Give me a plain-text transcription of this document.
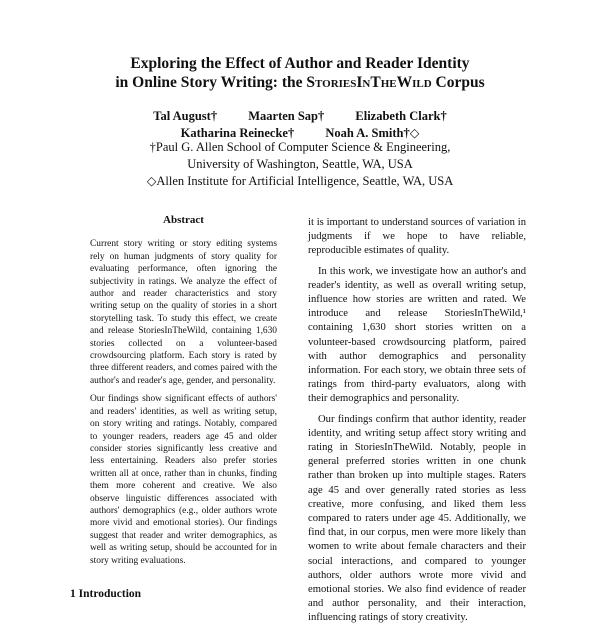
Exploring the Effect of Author and Reader Identity
in Online Story Writing: the StoriesInTheWild Corpus
Tal August† Maarten Sap† Elizabeth Clark†
Katharina Reinecke† Noah A. Smith†◇
†Paul G. Allen School of Computer Science & Engineering,
University of Washington, Seattle, WA, USA
◇Allen Institute for Artificial Intelligence, Seattle, WA, USA
Abstract

Current story writing or story editing systems rely on human judgments of story quality for evaluating performance, often ignoring the subjectivity in ratings. We analyze the effect of author and reader characteristics and story writing setup on the quality of stories in a short storytelling task. To study this effect, we create and release StoriesInTheWild, containing 1,630 stories collected on a volunteer-based crowdsourcing platform. Each story is rated by three different readers, and comes paired with the author's and reader's age, gender, and personality.

Our findings show significant effects of authors' and readers' identities, as well as writing setup, on story writing and ratings. Notably, compared to younger readers, readers age 45 and older consider stories significantly less creative and less entertaining. Readers also prefer stories written all at once, rather than in chunks, finding them more coherent and creative. We also observe linguistic differences associated with authors' demographics (e.g., older authors wrote more vivid and emotional stories). Our findings suggest that reader and writer demographics, as well as writing setup, should be accounted for in story writing evaluations.

it is important to understand sources of variation in judgments if we hope to have reliable, reproducible estimates of quality.

In this work, we investigate how an author's and reader's identity, as well as overall writing setup, influence how stories are written and rated. We introduce and release StoriesInTheWild,¹ containing 1,630 short stories written on a volunteer-based crowdsourcing platform, paired with author demographics and personality information. For each story, we obtain three sets of ratings from third-party evaluators, along with their demographics and personality.

Our findings confirm that author identity, reader identity, and writing setup affect story writing and rating in StoriesInTheWild. Notably, people in general preferred stories written in one chunk rather than broken up into multiple stages. Raters age 45 and over generally rated stories as less creative, more confusing, and liked them less compared to raters under age 45. Additionally, we find that, in our corpus, men were more likely than women to write about female characters and their social interactions, and compared to younger authors, older authors wrote more vivid and emotional stories. We also find evidence of reader and author personality, and their interaction, influencing ratings of story creativity.

1 Introduction
